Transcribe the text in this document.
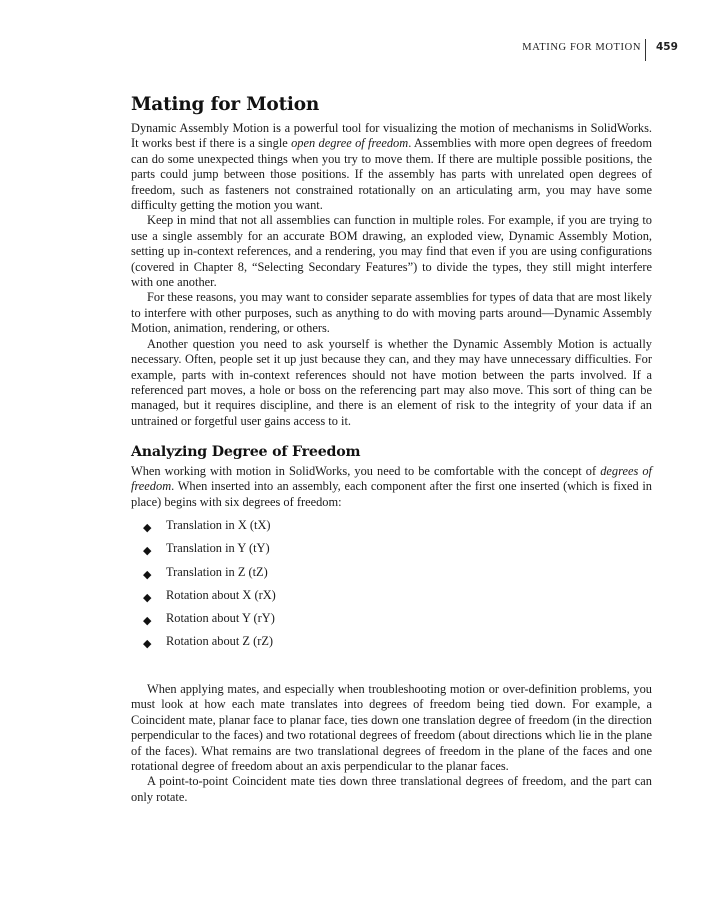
MATING FOR MOTION 459
Mating for Motion

Dynamic Assembly Motion is a powerful tool for visualizing the motion of mechanisms in SolidWorks. It works best if there is a single open degree of freedom. Assemblies with more open degrees of freedom can do some unexpected things when you try to move them. If there are multiple possible positions, the parts could jump between those positions. If the assembly has parts with unrelated open degrees of freedom, such as fasteners not constrained rotationally on an articulating arm, you may have some difficulty getting the motion you want.

Keep in mind that not all assemblies can function in multiple roles. For example, if you are trying to use a single assembly for an accurate BOM drawing, an exploded view, Dynamic Assembly Motion, setting up in-context references, and a rendering, you may find that even if you are using configurations (covered in Chapter 8, “Selecting Secondary Features”) to divide the types, they still might interfere with one another.

For these reasons, you may want to consider separate assemblies for types of data that are most likely to interfere with other purposes, such as anything to do with moving parts around—Dynamic Assembly Motion, animation, rendering, or others.

Another question you need to ask yourself is whether the Dynamic Assembly Motion is actually necessary. Often, people set it up just because they can, and they may have unnecessary difficulties. For example, parts with in-context references should not have motion between the parts involved. If a referenced part moves, a hole or boss on the referencing part may also move. This sort of thing can be managed, but it requires discipline, and there is an element of risk to the integrity of your data if an untrained or forgetful user gains access to it.

Analyzing Degree of Freedom

When working with motion in SolidWorks, you need to be comfortable with the concept of degrees of freedom. When inserted into an assembly, each component after the first one inserted (which is fixed in place) begins with six degrees of freedom:

◆ Translation in X (tX)
◆ Translation in Y (tY)
◆ Translation in Z (tZ)
◆ Rotation about X (rX)
◆ Rotation about Y (rY)
◆ Rotation about Z (rZ)

When applying mates, and especially when troubleshooting motion or over-definition problems, you must look at how each mate translates into degrees of freedom being tied down. For example, a Coincident mate, planar face to planar face, ties down one translation degree of freedom (in the direction perpendicular to the faces) and two rotational degrees of freedom (about directions which lie in the plane of the faces). What remains are two translational degrees of freedom in the plane of the faces and one rotational degree of freedom about an axis perpendicular to the planar faces.

A point-to-point Coincident mate ties down three translational degrees of freedom, and the part can only rotate.
